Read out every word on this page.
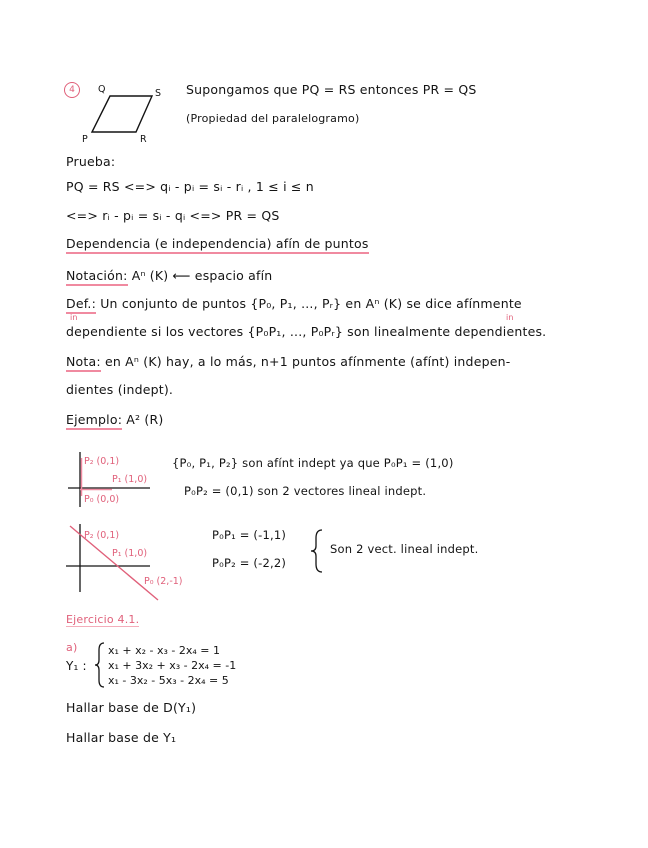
4
P
Q
R
S Supongamos que PQ = RS entonces PR = QS
(Propiedad del paralelogramo)
Prueba:
PQ = RS <=> qᵢ - pᵢ = sᵢ - rᵢ , 1 ≤ i ≤ n
<=> rᵢ - pᵢ = sᵢ - qᵢ <=> PR = QS
Dependencia (e independencia) afín de puntos
Notación: Aⁿ (K) ⟵ espacio afín
Def.: Un conjunto de puntos {P₀, P₁, ..., Pᵣ} en Aⁿ (K) se dice afínmente
in	in
dependiente si los vectores {P₀P₁, ..., P₀Pᵣ} son linealmente dependientes.
Nota: en Aⁿ (K) hay, a lo más, n+1 puntos afínmente (afínt) indepen-
dientes (indept).
Ejemplo: A² (R)
P₂ (0,1)
P₁ (1,0)
P₀ (0,0)
{P₀, P₁, P₂} son afínt indept ya que P₀P₁ = (1,0)
P₀P₂ = (0,1) son 2 vectores lineal indept.
P₂ (0,1)
P₁ (1,0)
P₀ (2,-1)
P₀P₁ = (-1,1)
P₀P₂ = (-2,2)
Son 2 vect. lineal indept.
Ejercicio 4.1.
a)
Y₁ :
x₁ + x₂ - x₃ - 2x₄ = 1
x₁ + 3x₂ + x₃ - 2x₄ = -1
x₁ - 3x₂ - 5x₃ - 2x₄ = 5
Hallar base de D(Y₁)
Hallar base de Y₁
